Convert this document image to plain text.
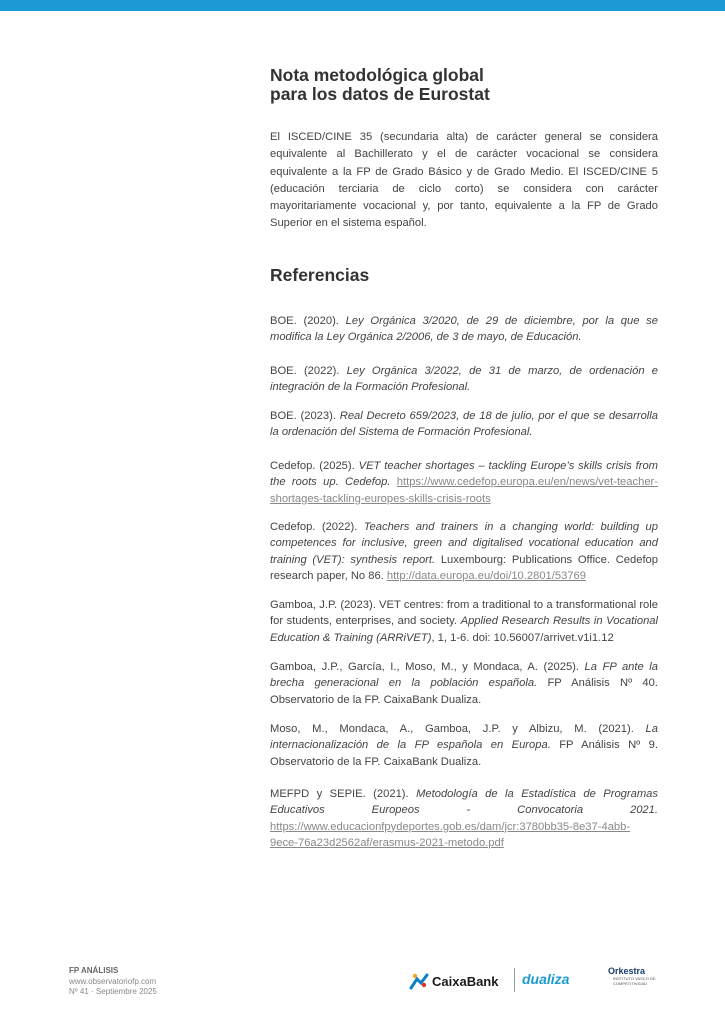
Nota metodológica global
para los datos de Eurostat

El ISCED/CINE 35 (secundaria alta) de carácter general se considera equivalente al Bachillerato y el de carácter vocacional se considera equivalente a la FP de Grado Básico y de Grado Medio. El ISCED/CINE 5 (educación terciaria de ciclo corto) se considera con carácter mayoritariamente vocacional y, por tanto, equivalente a la FP de Grado Superior en el sistema español.

Referencias

BOE. (2020). Ley Orgánica 3/2020, de 29 de diciembre, por la que se modifica la Ley Orgánica 2/2006, de 3 de mayo, de Educación.

BOE. (2022). Ley Orgánica 3/2022, de 31 de marzo, de ordenación e integración de la Formación Profesional.

BOE. (2023). Real Decreto 659/2023, de 18 de julio, por el que se desarrolla la ordenación del Sistema de Formación Profesional.

Cedefop. (2025). VET teacher shortages – tackling Europe’s skills crisis from the roots up. Cedefop. https://www.cedefop.europa.eu/en/news/vet-teacher-shortages-tackling-europes-skills-crisis-roots

Cedefop. (2022). Teachers and trainers in a changing world: building up competences for inclusive, green and digitalised vocational education and training (VET): synthesis report. Luxembourg: Publications Office. Cedefop research paper, No 86. http://data.europa.eu/doi/10.2801/53769

Gamboa, J.P. (2023). VET centres: from a traditional to a transformational role for students, enterprises, and society. Applied Research Results in Vocational Education & Training (ARRiVET), 1, 1-6. doi: 10.56007/arrivet.v1i1.12

Gamboa, J.P., García, I., Moso, M., y Mondaca, A. (2025). La FP ante la brecha generacional en la población española. FP Análisis Nº 40. Observatorio de la FP. CaixaBank Dualiza.

Moso, M., Mondaca, A., Gamboa, J.P. y Albizu, M. (2021). La internacionalización de la FP española en Europa. FP Análisis Nº 9. Observatorio de la FP. CaixaBank Dualiza.

MEFPD y SEPIE. (2021). Metodología de la Estadística de Programas Educativos Europeos - Convocatoria 2021. https://www.educacionfpydeportes.gob.es/dam/jcr:3780bb35-8e37-4abb-9ece-76a23d2562af/erasmus-2021-metodo.pdf

FP ANÁLISIS
www.observatoriofp.com
Nº 41 · Septiembre 2025
CaixaBank dualiza	Orkestra
INSTITUTO VASCO DE COMPETITIVIDAD
